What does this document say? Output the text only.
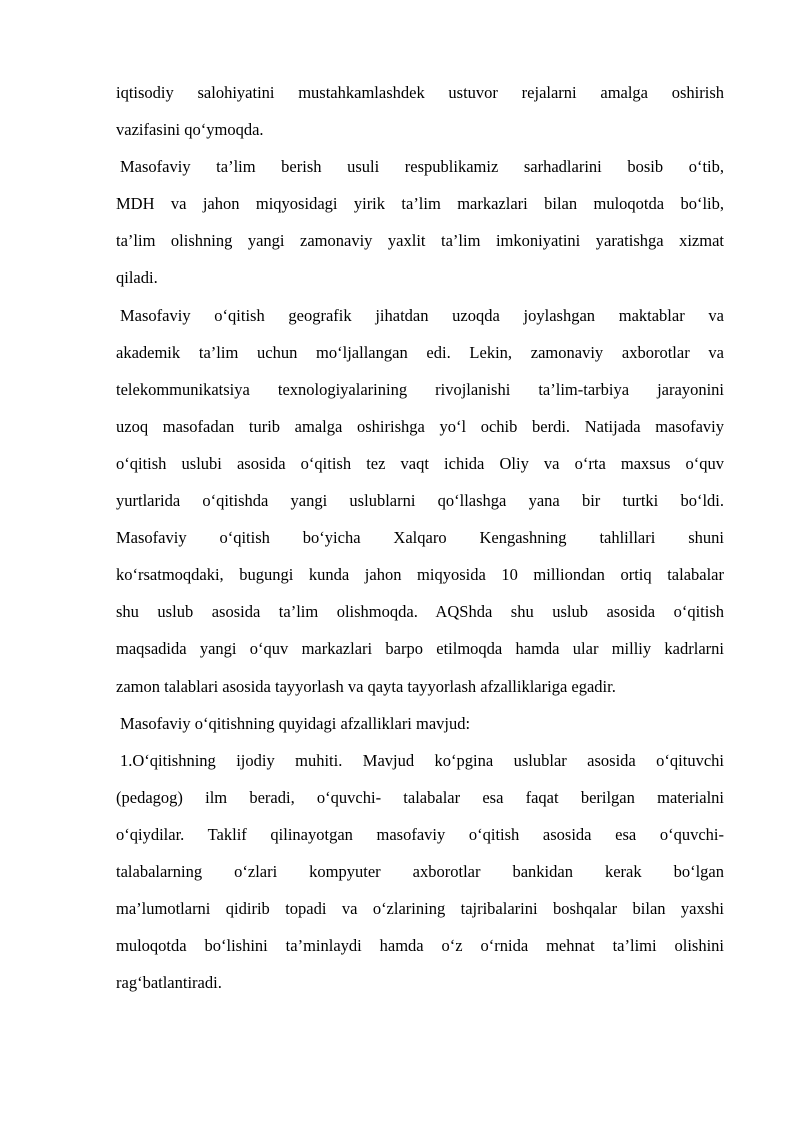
iqtisodiy salohiyatini mustahkamlashdek ustuvor rejalarni amalga oshirish
vazifasini qo‘ymoqda.
Masofaviy ta’lim berish usuli respublikamiz sarhadlarini bosib o‘tib,
MDH va jahon miqyosidagi yirik ta’lim markazlari bilan muloqotda bo‘lib,
ta’lim olishning yangi zamonaviy yaxlit ta’lim imkoniyatini yaratishga xizmat
qiladi.
Masofaviy o‘qitish geografik jihatdan uzoqda joylashgan maktablar va
akademik ta’lim uchun mo‘ljallangan edi. Lekin, zamonaviy axborotlar va
telekommunikatsiya texnologiyalarining rivojlanishi ta’lim-tarbiya jarayonini
uzoq masofadan turib amalga oshirishga yo‘l ochib berdi. Natijada masofaviy
o‘qitish uslubi asosida o‘qitish tez vaqt ichida Oliy va o‘rta maxsus o‘quv
yurtlarida o‘qitishda yangi uslublarni qo‘llashga yana bir turtki bo‘ldi.
Masofaviy o‘qitish bo‘yicha Xalqaro Kengashning tahlillari shuni
ko‘rsatmoqdaki, bugungi kunda jahon miqyosida 10 milliondan ortiq talabalar
shu uslub asosida ta’lim olishmoqda. AQShda shu uslub asosida o‘qitish
maqsadida yangi o‘quv markazlari barpo etilmoqda hamda ular milliy kadrlarni
zamon talablari asosida tayyorlash va qayta tayyorlash afzalliklariga egadir.
Masofaviy o‘qitishning quyidagi afzalliklari mavjud:
1.O‘qitishning ijodiy muhiti. Mavjud ko‘pgina uslublar asosida o‘qituvchi
(pedagog) ilm beradi, o‘quvchi- talabalar esa faqat berilgan materialni
o‘qiydilar. Taklif qilinayotgan masofaviy o‘qitish asosida esa o‘quvchi-
talabalarning o‘zlari kompyuter axborotlar bankidan kerak bo‘lgan
ma’lumotlarni qidirib topadi va o‘zlarining tajribalarini boshqalar bilan yaxshi
muloqotda bo‘lishini ta’minlaydi hamda o‘z o‘rnida mehnat ta’limi olishini
rag‘batlantiradi.
